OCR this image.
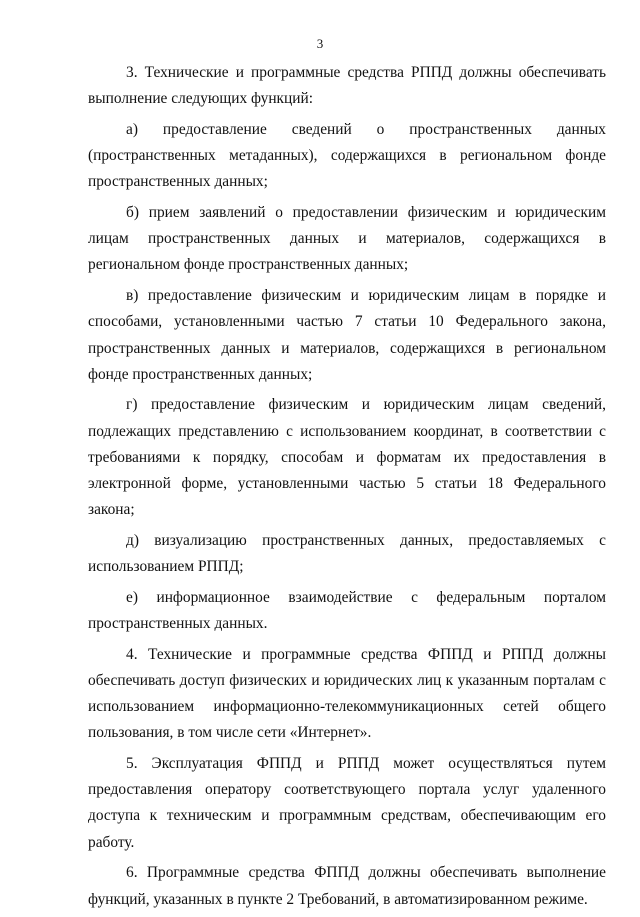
3

3. Технические и программные средства РППД должны обеспечивать выполнение следующих функций:

а) предоставление сведений о пространственных данных (пространственных метаданных), содержащихся в региональном фонде пространственных данных;

б) прием заявлений о предоставлении физическим и юридическим лицам пространственных данных и материалов, содержащихся в региональном фонде пространственных данных;

в) предоставление физическим и юридическим лицам в порядке и способами, установленными частью 7 статьи 10 Федерального закона, пространственных данных и материалов, содержащихся в региональном фонде пространственных данных;

г) предоставление физическим и юридическим лицам сведений, подлежащих представлению с использованием координат, в соответствии с требованиями к порядку, способам и форматам их предоставления в электронной форме, установленными частью 5 статьи 18 Федерального закона;

д) визуализацию пространственных данных, предоставляемых с использованием РППД;

е) информационное взаимодействие с федеральным порталом пространственных данных.

4. Технические и программные средства ФППД и РППД должны обеспечивать доступ физических и юридических лиц к указанным порталам с использованием информационно-телекоммуникационных сетей общего пользования, в том числе сети «Интернет».

5. Эксплуатация ФППД и РППД может осуществляться путем предоставления оператору соответствующего портала услуг удаленного доступа к техническим и программным средствам, обеспечивающим его работу.

6. Программные средства ФППД должны обеспечивать выполнение функций, указанных в пункте 2 Требований, в автоматизированном режиме.
